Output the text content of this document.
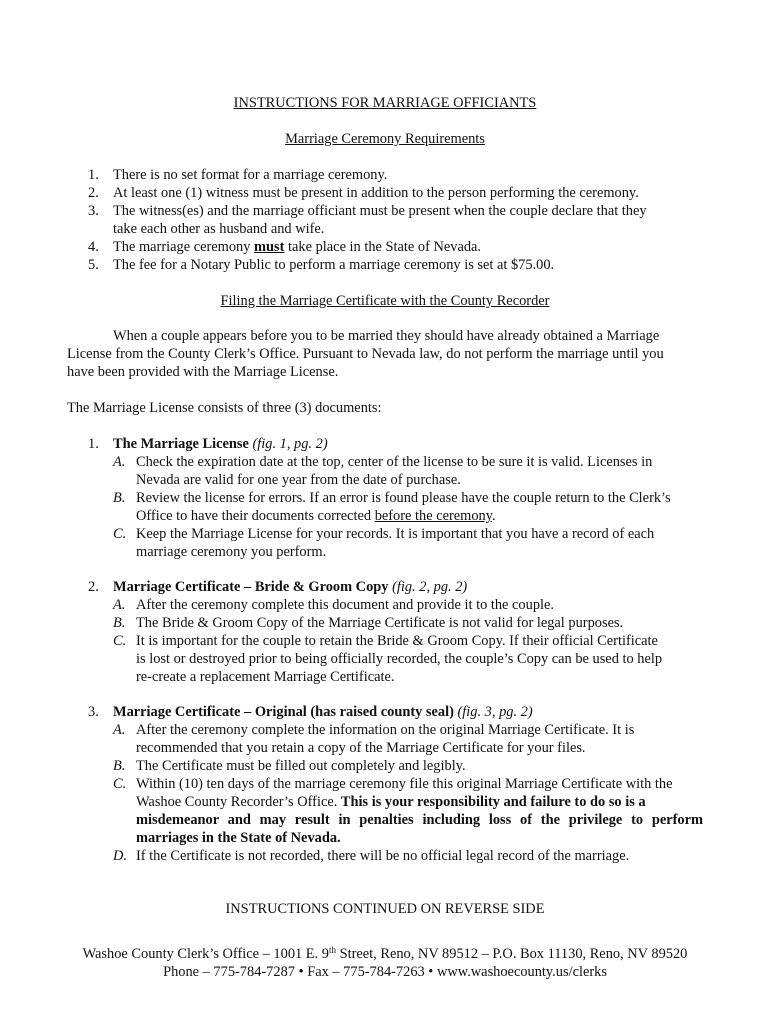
INSTRUCTIONS FOR MARRIAGE OFFICIANTS
Marriage Ceremony Requirements
1. There is no set format for a marriage ceremony.
2. At least one (1) witness must be present in addition to the person performing the ceremony.
3. The witness(es) and the marriage officiant must be present when the couple declare that they
take each other as husband and wife.
4. The marriage ceremony must take place in the State of Nevada.
5. The fee for a Notary Public to perform a marriage ceremony is set at $75.00.
Filing the Marriage Certificate with the County Recorder
When a couple appears before you to be married they should have already obtained a Marriage
License from the County Clerk’s Office. Pursuant to Nevada law, do not perform the marriage until you
have been provided with the Marriage License.
The Marriage License consists of three (3) documents:
1. The Marriage License (fig. 1, pg. 2)
A. Check the expiration date at the top, center of the license to be sure it is valid. Licenses in
Nevada are valid for one year from the date of purchase.
B. Review the license for errors. If an error is found please have the couple return to the Clerk’s
Office to have their documents corrected before the ceremony.
C. Keep the Marriage License for your records. It is important that you have a record of each
marriage ceremony you perform.
2. Marriage Certificate – Bride & Groom Copy (fig. 2, pg. 2)
A. After the ceremony complete this document and provide it to the couple.
B. The Bride & Groom Copy of the Marriage Certificate is not valid for legal purposes.
C. It is important for the couple to retain the Bride & Groom Copy. If their official Certificate
is lost or destroyed prior to being officially recorded, the couple’s Copy can be used to help
re-create a replacement Marriage Certificate.
3. Marriage Certificate – Original (has raised county seal) (fig. 3, pg. 2)
A. After the ceremony complete the information on the original Marriage Certificate. It is
recommended that you retain a copy of the Marriage Certificate for your files.
B. The Certificate must be filled out completely and legibly.
C. Within (10) ten days of the marriage ceremony file this original Marriage Certificate with the
Washoe County Recorder’s Office. This is your responsibility and failure to do so is a
misdemeanor and may result in penalties including loss of the privilege to perform
marriages in the State of Nevada.
D. If the Certificate is not recorded, there will be no official legal record of the marriage.
INSTRUCTIONS CONTINUED ON REVERSE SIDE
Washoe County Clerk’s Office – 1001 E. 9th Street, Reno, NV 89512 – P.O. Box 11130, Reno, NV 89520
Phone – 775-784-7287 • Fax – 775-784-7263 • www.washoecounty.us/clerks
